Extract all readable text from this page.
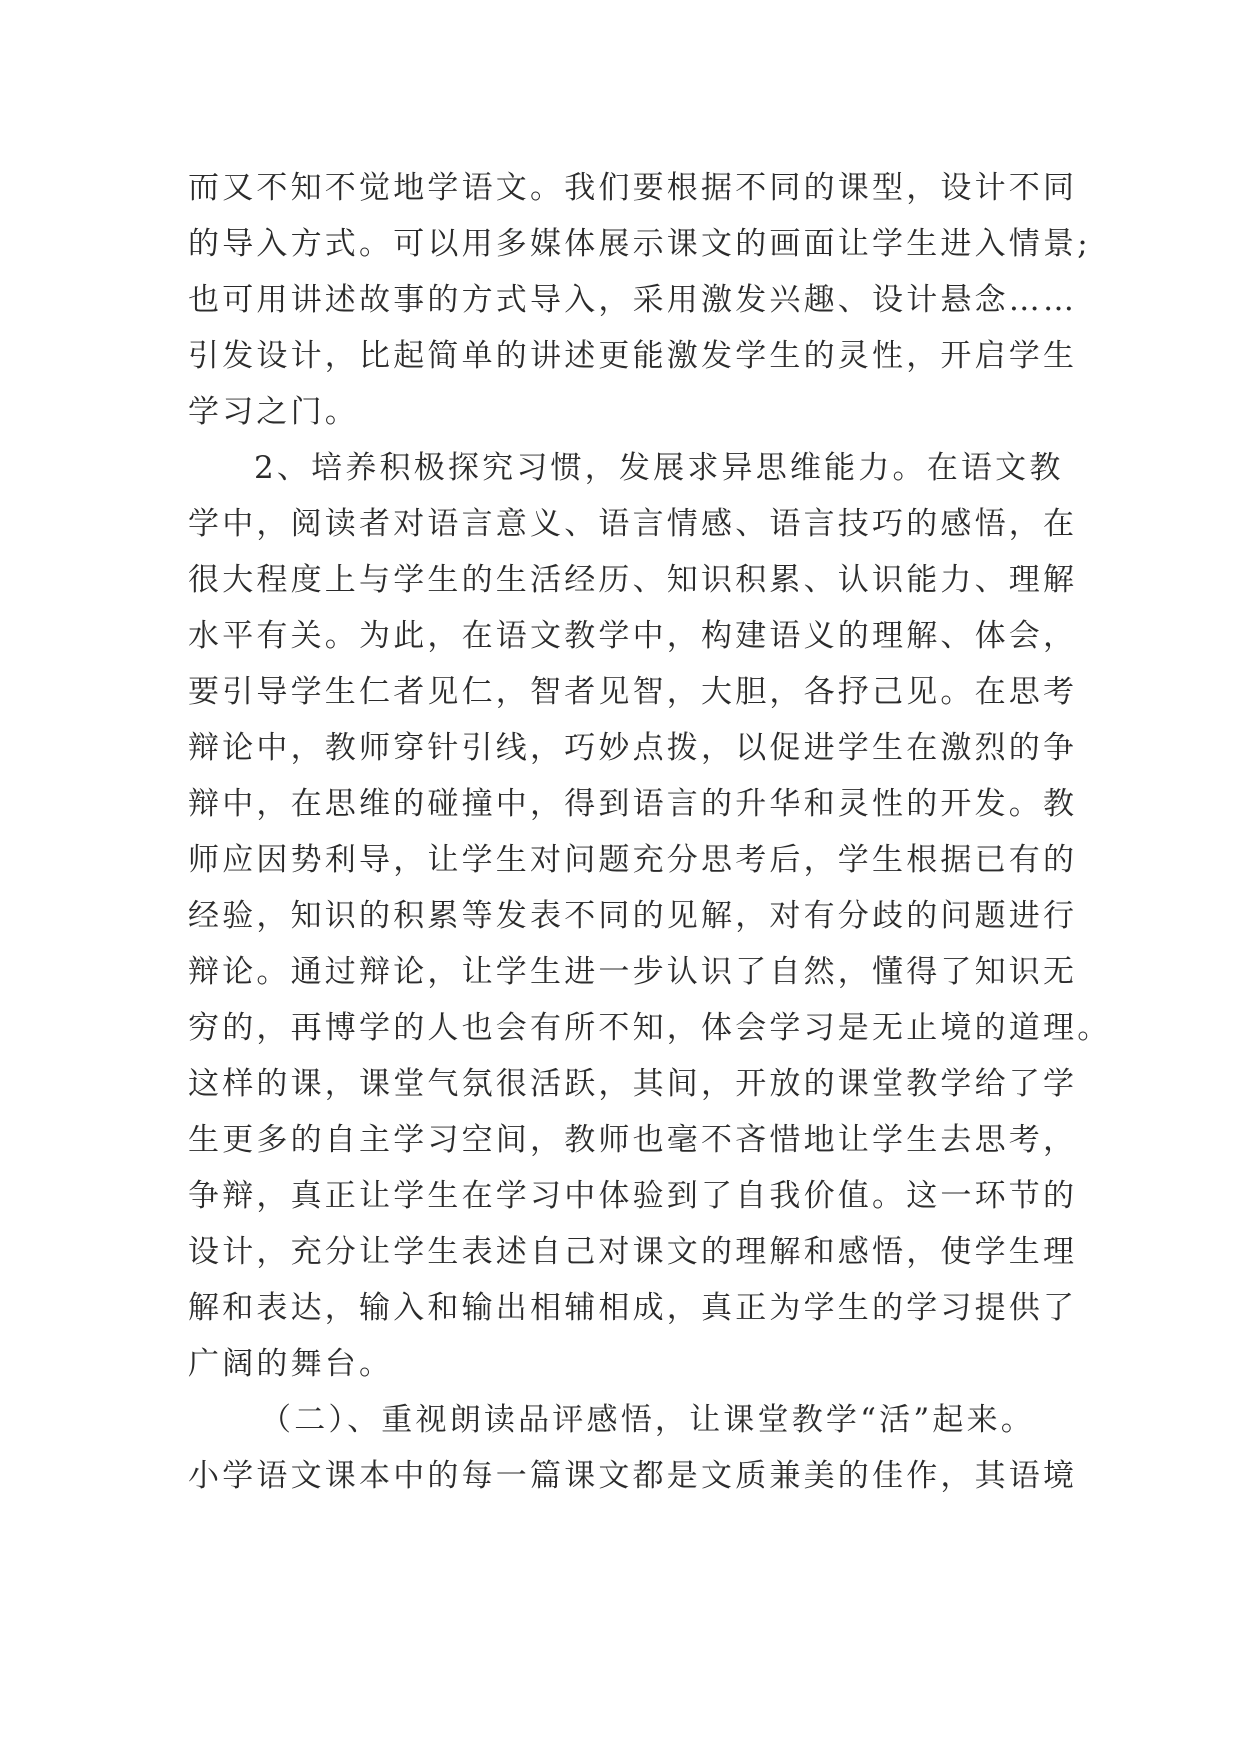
而又不知不觉地学语文。我们要根据不同的课型，设计不同
的导入方式。可以用多媒体展示课文的画面让学生进入情景;
也可用讲述故事的方式导入，采用激发兴趣、设计悬念……
引发设计，比起简单的讲述更能激发学生的灵性，开启学生
学习之门。
2、培养积极探究习惯，发展求异思维能力。在语文教
学中，阅读者对语言意义、语言情感、语言技巧的感悟，在
很大程度上与学生的生活经历、知识积累、认识能力、理解
水平有关。为此，在语文教学中，构建语义的理解、体会，
要引导学生仁者见仁，智者见智，大胆，各抒己见。在思考
辩论中，教师穿针引线，巧妙点拨，以促进学生在激烈的争
辩中，在思维的碰撞中，得到语言的升华和灵性的开发。教
师应因势利导，让学生对问题充分思考后，学生根据已有的
经验，知识的积累等发表不同的见解，对有分歧的问题进行
辩论。通过辩论，让学生进一步认识了自然，懂得了知识无
穷的，再博学的人也会有所不知，体会学习是无止境的道理。
这样的课，课堂气氛很活跃，其间，开放的课堂教学给了学
生更多的自主学习空间，教师也毫不吝惜地让学生去思考，
争辩，真正让学生在学习中体验到了自我价值。这一环节的
设计，充分让学生表述自己对课文的理解和感悟，使学生理
解和表达，输入和输出相辅相成，真正为学生的学习提供了
广阔的舞台。
（二）、重视朗读品评感悟，让课堂教学“活”起来。
小学语文课本中的每一篇课文都是文质兼美的佳作，其语境
